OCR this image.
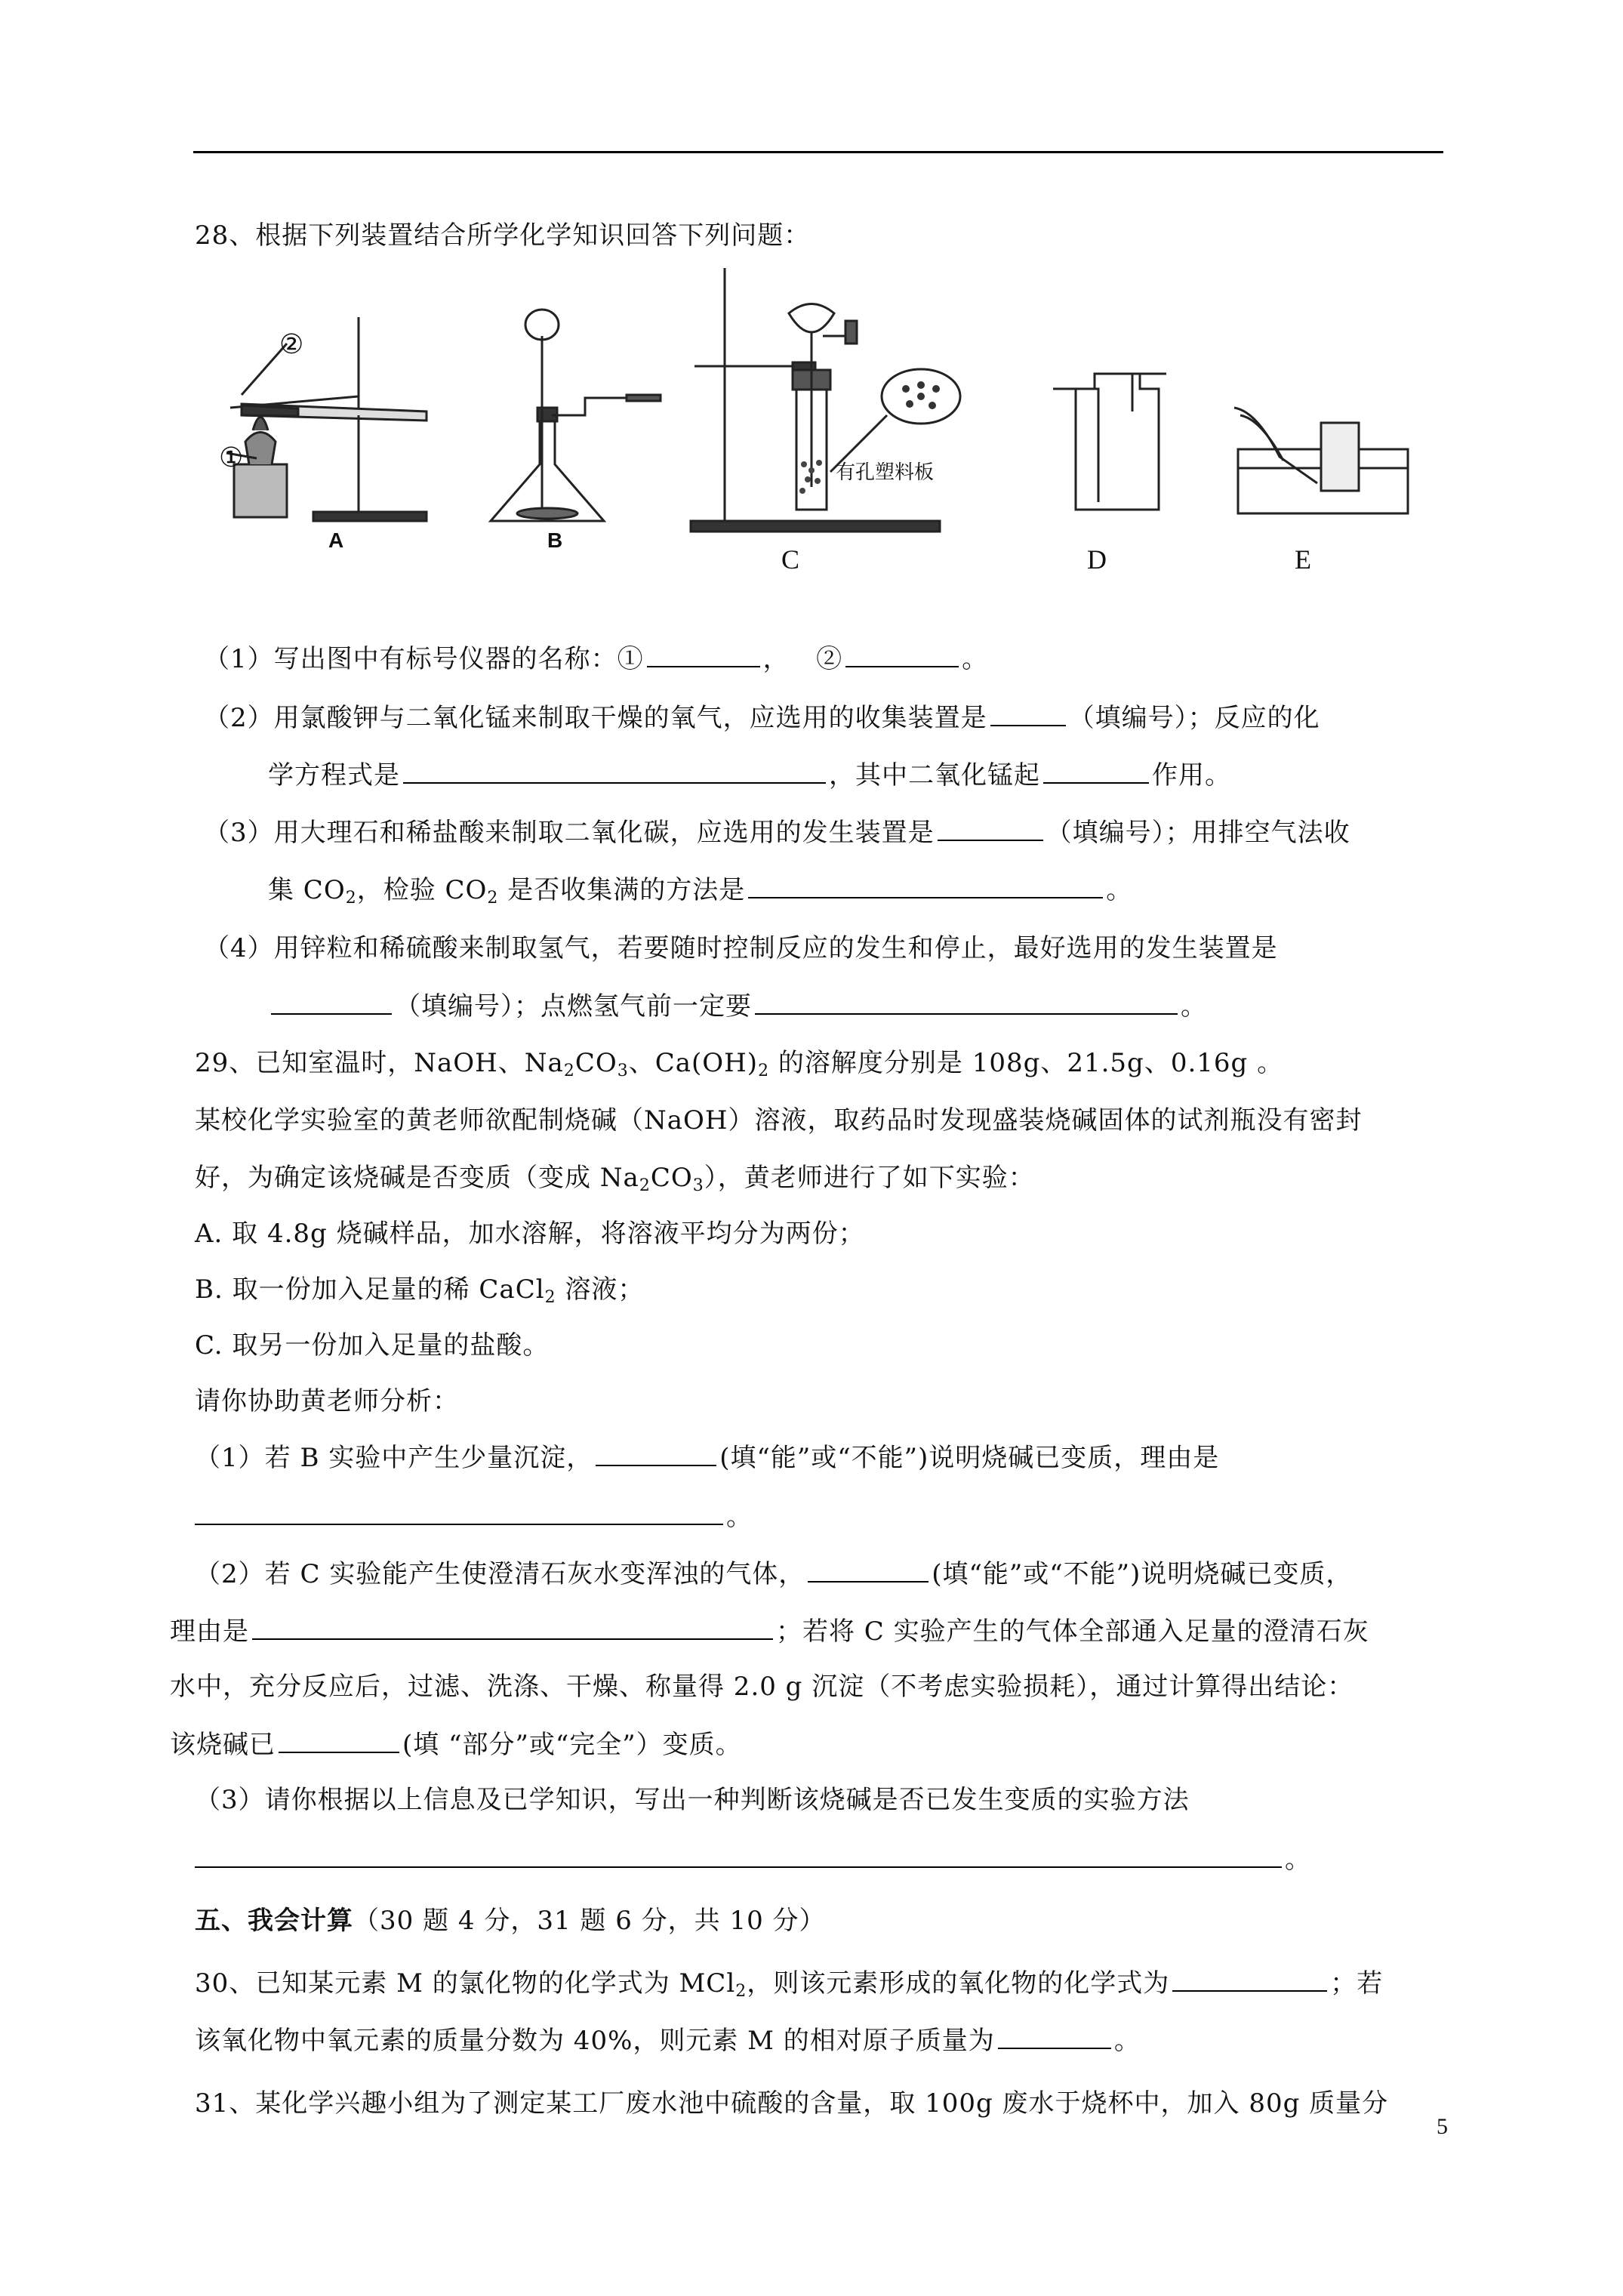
28、根据下列装置结合所学化学知识回答下列问题：
①
②
A	B
C	D	E
有孔塑料板
（1）写出图中有标号仪器的名称：①	， ②	。
（2）用氯酸钾与二氧化锰来制取干燥的氧气，应选用的收集装置是	（填编号）；反应的化
学方程式是	，其中二氧化锰起	作用。
（3）用大理石和稀盐酸来制取二氧化碳，应选用的发生装置是	（填编号）；用排空气法收
集 $CO_2$，检验 $CO_2$ 是否收集满的方法是	。
（4）用锌粒和稀硫酸来制取氢气，若要随时控制反应的发生和停止，最好选用的发生装置是
（填编号）；点燃氢气前一定要	。
29、已知室温时，NaOH、$Na_2CO_3$、$Ca(OH)_2$ 的溶解度分别是 108g、21.5g、0.16g 。
某校化学实验室的黄老师欲配制烧碱（NaOH）溶液，取药品时发现盛装烧碱固体的试剂瓶没有密封
好，为确定该烧碱是否变质（变成 $Na_2CO_3$），黄老师进行了如下实验：
A. 取 4.8g 烧碱样品，加水溶解，将溶液平均分为两份；
B. 取一份加入足量的稀 CaCl$_2$ 溶液；
C. 取另一份加入足量的盐酸。
请你协助黄老师分析：
（1）若 B 实验中产生少量沉淀，	(填“能”或“不能”)说明烧碱已变质，理由是
。
（2）若 C 实验能产生使澄清石灰水变浑浊的气体，	(填“能”或“不能”)说明烧碱已变质，
理由是	；若将 C 实验产生的气体全部通入足量的澄清石灰
水中，充分反应后，过滤、洗涤、干燥、称量得 2.0 g 沉淀（不考虑实验损耗），通过计算得出结论：
该烧碱已	(填 “部分”或“完全”）变质。
（3）请你根据以上信息及已学知识，写出一种判断该烧碱是否已发生变质的实验方法
。
五、我会计算（30 题 4 分，31 题 6 分，共 10 分）
30、已知某元素 M 的氯化物的化学式为 MCl$_2$，则该元素形成的氧化物的化学式为	；若
该氧化物中氧元素的质量分数为 40%，则元素 M 的相对原子质量为	。
31、某化学兴趣小组为了测定某工厂废水池中硫酸的含量，取 100g 废水于烧杯中，加入 80g 质量分
5
